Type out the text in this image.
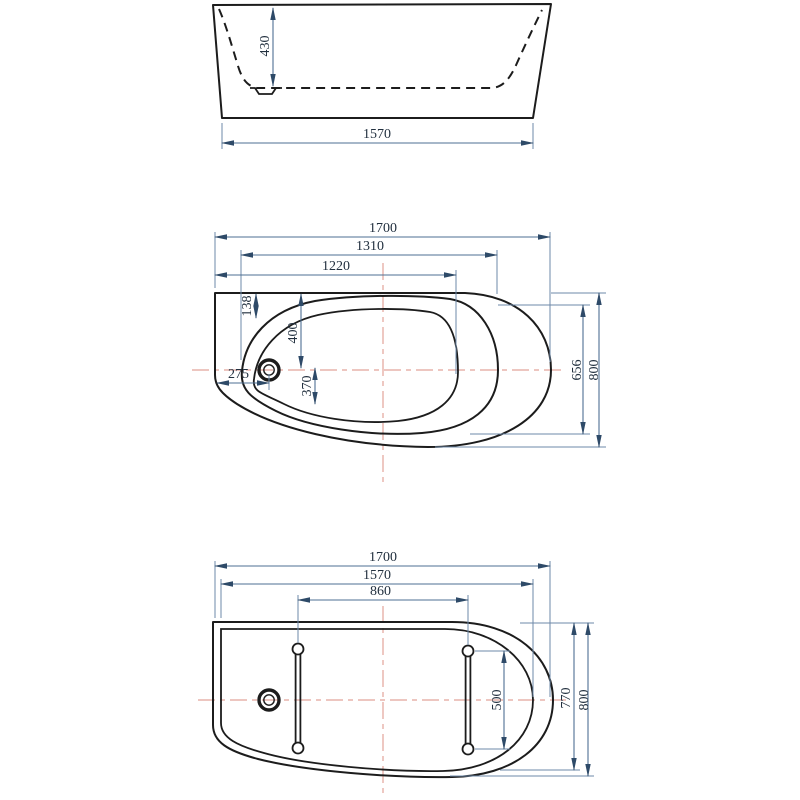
430
1570
1700
1310
1220
138
400
370
275	656 800
1700
1570
860
500	770 800
